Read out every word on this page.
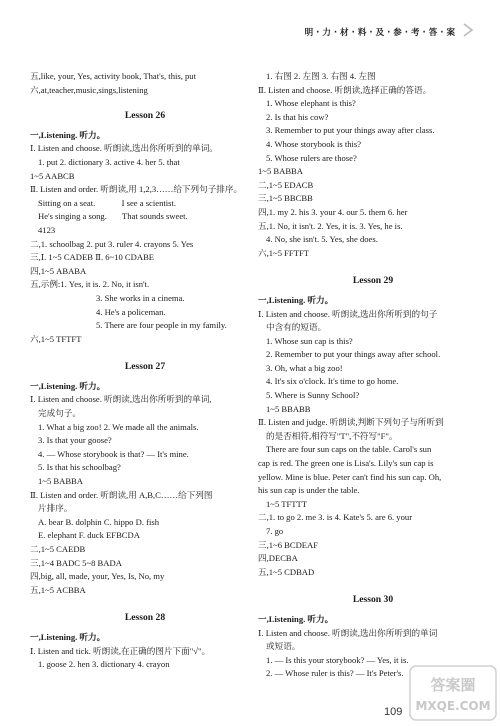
明·力·材·料·及·参·考·答·案
五,like, your, Yes, activity book, That's, this, put
六,at,teacher,music,sings,listening
Lesson 26
一,Listening. 听力。
Ⅰ. Listen and choose. 听朗读,选出你所听到的单词。
1. put 2. dictionary 3. active 4. her 5. that
1~5 AABCB
Ⅱ. Listen and order. 听朗读,用 1,2,3……给下列句子排序。
Sitting on a seat.	I see a scientist.
He's singing a song. That sounds sweet.
4123
二,1. schoolbag 2. put 3. ruler 4. crayons 5. Yes
三,Ⅰ. 1~5 CADEB Ⅱ. 6~10 CDABE
四,1~5 ABABA
五,示例:1. Yes, it is. 2. No, it isn't.
3. She works in a cinema.
4. He's a policeman.
5. There are four people in my family.
六,1~5 TFTFT
Lesson 27
一,Listening. 听力。
Ⅰ. Listen and choose. 听朗读,选出你所听到的单词,
完成句子。
1. What a big zoo! 2. We made all the animals.
3. Is that your goose?
4. — Whose storybook is that? — It's mine.
5. Is that his schoolbag?
1~5 BABBA
Ⅱ. Listen and order. 听朗读,用 A,B,C……给下列图
片排序。
A. bear B. dolphin C. hippo D. fish
E. elephant F. duck EFBCDA
二,1~5 CAEDB
三,1~4 BADC 5~8 BADA
四,big, all, made, your, Yes, Is, No, my
五,1~5 ACBBA
Lesson 28
一,Listening. 听力。
Ⅰ. Listen and tick. 听朗读,在正确的图片下面"√"。
1. goose 2. hen 3. dictionary 4. crayon
1. 右图 2. 左图 3. 右图 4. 左图
Ⅱ. Listen and choose. 听朗读,选择正确的答语。
1. Whose elephant is this?
2. Is that his cow?
3. Remember to put your things away after class.
4. Whose storybook is this?
5. Whose rulers are those?
1~5 BABBA
二,1~5 EDACB
三,1~5 BBCBB
四,1. my 2. his 3. your 4. our 5. them 6. her
五,1. No, it isn't. 2. Yes, it is. 3. Yes, he is.
4. No, she isn't. 5. Yes, she does.
六,1~5 FFTFT
Lesson 29
一,Listening. 听力。
Ⅰ. Listen and choose. 听朗读,选出你所听到的句子
中含有的短语。
1. Whose sun cap is this?
2. Remember to put your things away after school.
3. Oh, what a big zoo!
4. It's six o'clock. It's time to go home.
5. Where is Sunny School?
1~5 BBABB
Ⅱ. Listen and judge. 听朗读,判断下列句子与所听到
的是否相符,相符写"T",不符写"F"。
There are four sun caps on the table. Carol's sun
cap is red. The green one is Lisa's. Lily's sun cap is
yellow. Mine is blue. Peter can't find his sun cap. Oh,
his sun cap is under the table.
1~5 TFTTT
二,1. to go 2. me 3. is 4. Kate's 5. are 6. your
7. go
三,1~6 BCDEAF
四,DECBA
五,1~5 CDBAD
Lesson 30
一,Listening. 听力。
Ⅰ. Listen and choose. 听朗读,选出你所听到的单词
或短语。
1. — Is this your storybook? — Yes, it is.
2. — Whose ruler is this? — It's Peter's.
109
答案圈
MXQE.COM
